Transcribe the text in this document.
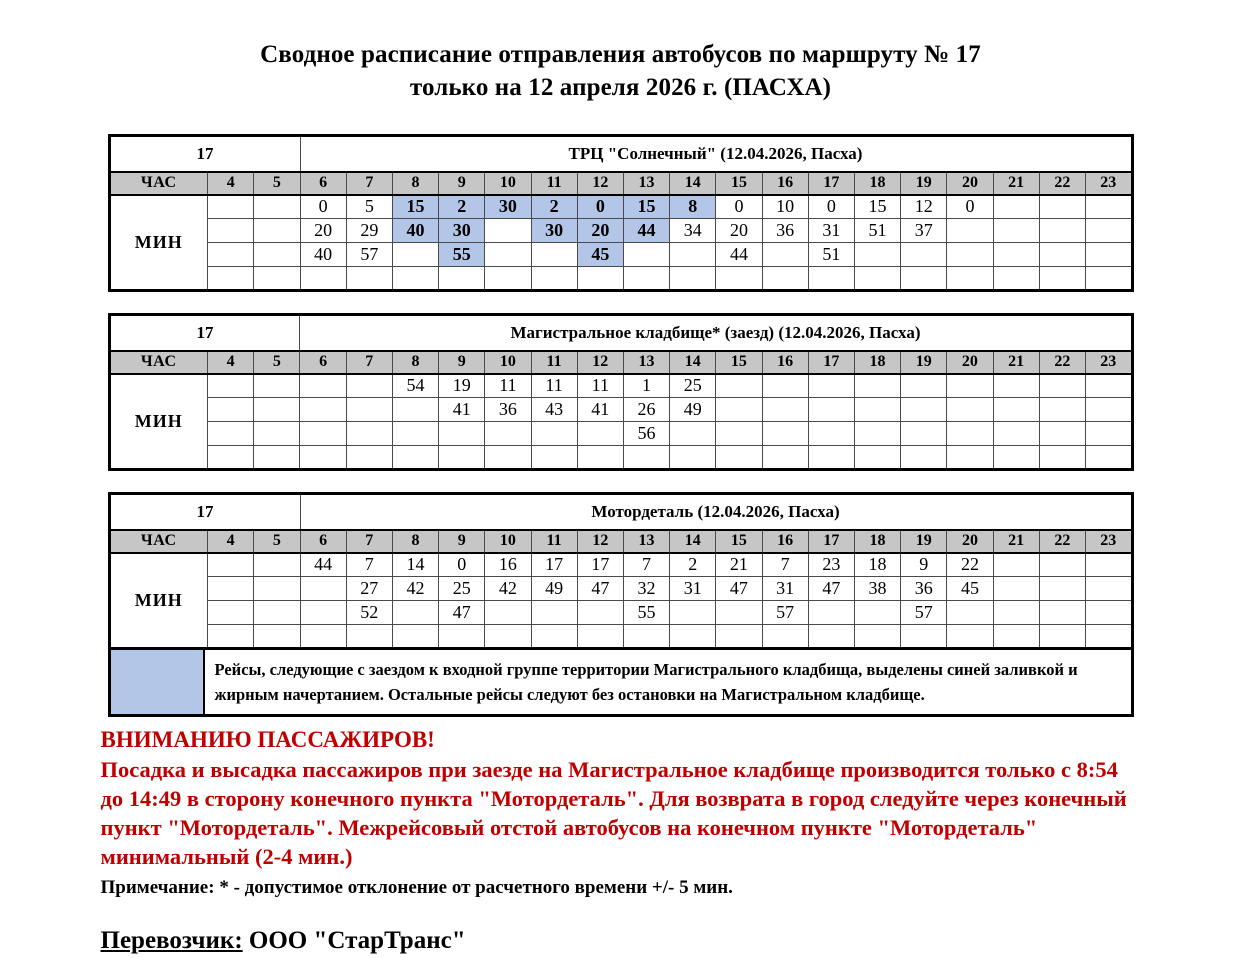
Сводное расписание отправления автобусов по маршруту № 17
только на 12 апреля 2026 г. (ПАСХА)
17			ТРЦ "Солнечный" (12.04.2026, Пасха)																	
ЧАС	4	5	6	7	8	9	10	11	12	13	14	15	16	17	18	19	20	21	22	23
МИН			0	5	15	2	30	2	0	15	8	0	10	0	15	12	0			
			20	29	40	30		30	20	44	34	20	36	31	51	37				
			40	57		55			45			44		51						

17			Магистральное кладбище* (заезд) (12.04.2026, Пасха)																	
ЧАС	4	5	6	7	8	9	10	11	12	13	14	15	16	17	18	19	20	21	22	23
МИН					54	19	11	11	11	1	25									
						41	36	43	41	26	49									
										56										

17			Мотордеталь (12.04.2026, Пасха)																	
ЧАС	4	5	6	7	8	9	10	11	12	13	14	15	16	17	18	19	20	21	22	23
МИН			44	7	14	0	16	17	17	7	2	21	7	23	18	9	22			
				27	42	25	42	49	47	32	31	47	31	47	38	36	45			
				52		47				55			57			57				

Рейсы, следующие с заездом к входной группе территории Магистрального кладбища, выделены синей заливкой и жирным начертанием. Остальные рейсы следуют без остановки на Магистральном кладбище.
ВНИМАНИЮ ПАССАЖИРОВ!
Посадка и высадка пассажиров при заезде на Магистральное кладбище производится только с 8:54 до 14:49 в сторону конечного пункта "Мотордеталь". Для возврата в город следуйте через конечный пункт "Мотордеталь". Межрейсовый отстой автобусов на конечном пункте "Мотордеталь" минимальный (2-4 мин.)
Примечание: * - допустимое отклонение от расчетного времени +/- 5 мин.
Перевозчик: ООО "СтарТранс"
